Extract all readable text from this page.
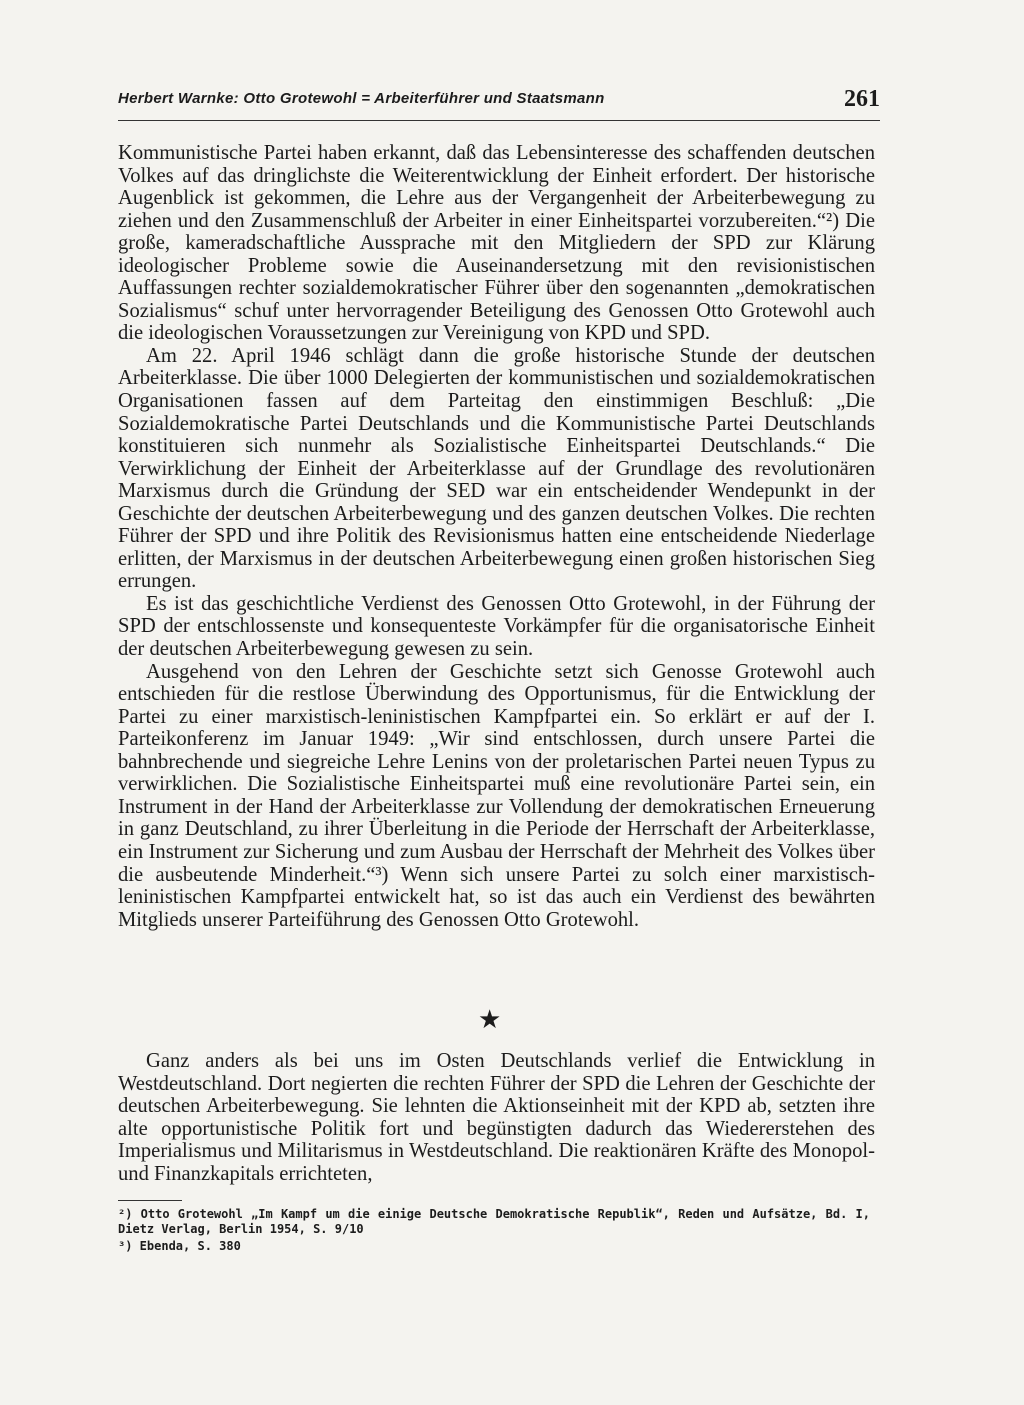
Herbert Warnke: Otto Grotewohl = Arbeiterführer und Staatsmann	261

Kommunistische Partei haben erkannt, daß das Lebensinteresse des schaffenden deutschen Volkes auf das dringlichste die Weiterentwicklung der Einheit erfordert. Der historische Augenblick ist gekommen, die Lehre aus der Vergangenheit der Arbeiterbewegung zu ziehen und den Zusammenschluß der Arbeiter in einer Einheitspartei vorzubereiten.“²) Die große, kameradschaftliche Aussprache mit den Mitgliedern der SPD zur Klärung ideologischer Probleme sowie die Auseinandersetzung mit den revisionistischen Auffassungen rechter sozialdemokratischer Führer über den sogenannten „demokratischen Sozialismus“ schuf unter hervorragender Beteiligung des Genossen Otto Grotewohl auch die ideologischen Voraussetzungen zur Vereinigung von KPD und SPD.

Am 22. April 1946 schlägt dann die große historische Stunde der deutschen Arbeiterklasse. Die über 1000 Delegierten der kommunistischen und sozialdemokratischen Organisationen fassen auf dem Parteitag den einstimmigen Beschluß: „Die Sozialdemokratische Partei Deutschlands und die Kommunistische Partei Deutschlands konstituieren sich nunmehr als Sozialistische Einheitspartei Deutschlands.“ Die Verwirklichung der Einheit der Arbeiterklasse auf der Grundlage des revolutionären Marxismus durch die Gründung der SED war ein entscheidender Wendepunkt in der Geschichte der deutschen Arbeiterbewegung und des ganzen deutschen Volkes. Die rechten Führer der SPD und ihre Politik des Revisionismus hatten eine entscheidende Niederlage erlitten, der Marxismus in der deutschen Arbeiterbewegung einen großen historischen Sieg errungen.

Es ist das geschichtliche Verdienst des Genossen Otto Grotewohl, in der Führung der SPD der entschlossenste und konsequenteste Vorkämpfer für die organisatorische Einheit der deutschen Arbeiterbewegung gewesen zu sein.

Ausgehend von den Lehren der Geschichte setzt sich Genosse Grotewohl auch entschieden für die restlose Überwindung des Opportunismus, für die Entwicklung der Partei zu einer marxistisch-leninistischen Kampfpartei ein. So erklärt er auf der I. Parteikonferenz im Januar 1949: „Wir sind entschlossen, durch unsere Partei die bahnbrechende und siegreiche Lehre Lenins von der proletarischen Partei neuen Typus zu verwirklichen. Die Sozialistische Einheitspartei muß eine revolutionäre Partei sein, ein Instrument in der Hand der Arbeiterklasse zur Vollendung der demokratischen Erneuerung in ganz Deutschland, zu ihrer Überleitung in die Periode der Herrschaft der Arbeiterklasse, ein Instrument zur Sicherung und zum Ausbau der Herrschaft der Mehrheit des Volkes über die ausbeutende Minderheit.“³) Wenn sich unsere Partei zu solch einer marxistisch-leninistischen Kampfpartei entwickelt hat, so ist das auch ein Verdienst des bewährten Mitglieds unserer Parteiführung des Genossen Otto Grotewohl.

★

Ganz anders als bei uns im Osten Deutschlands verlief die Entwicklung in Westdeutschland. Dort negierten die rechten Führer der SPD die Lehren der Geschichte der deutschen Arbeiterbewegung. Sie lehnten die Aktionseinheit mit der KPD ab, setzten ihre alte opportunistische Politik fort und begünstigten dadurch das Wiedererstehen des Imperialismus und Militarismus in Westdeutschland. Die reaktionären Kräfte des Monopol- und Finanzkapitals errichteten,

²) Otto Grotewohl „Im Kampf um die einige Deutsche Demokratische Republik“, Reden und Aufsätze, Bd. I, Dietz Verlag, Berlin 1954, S. 9/10

³) Ebenda, S. 380
